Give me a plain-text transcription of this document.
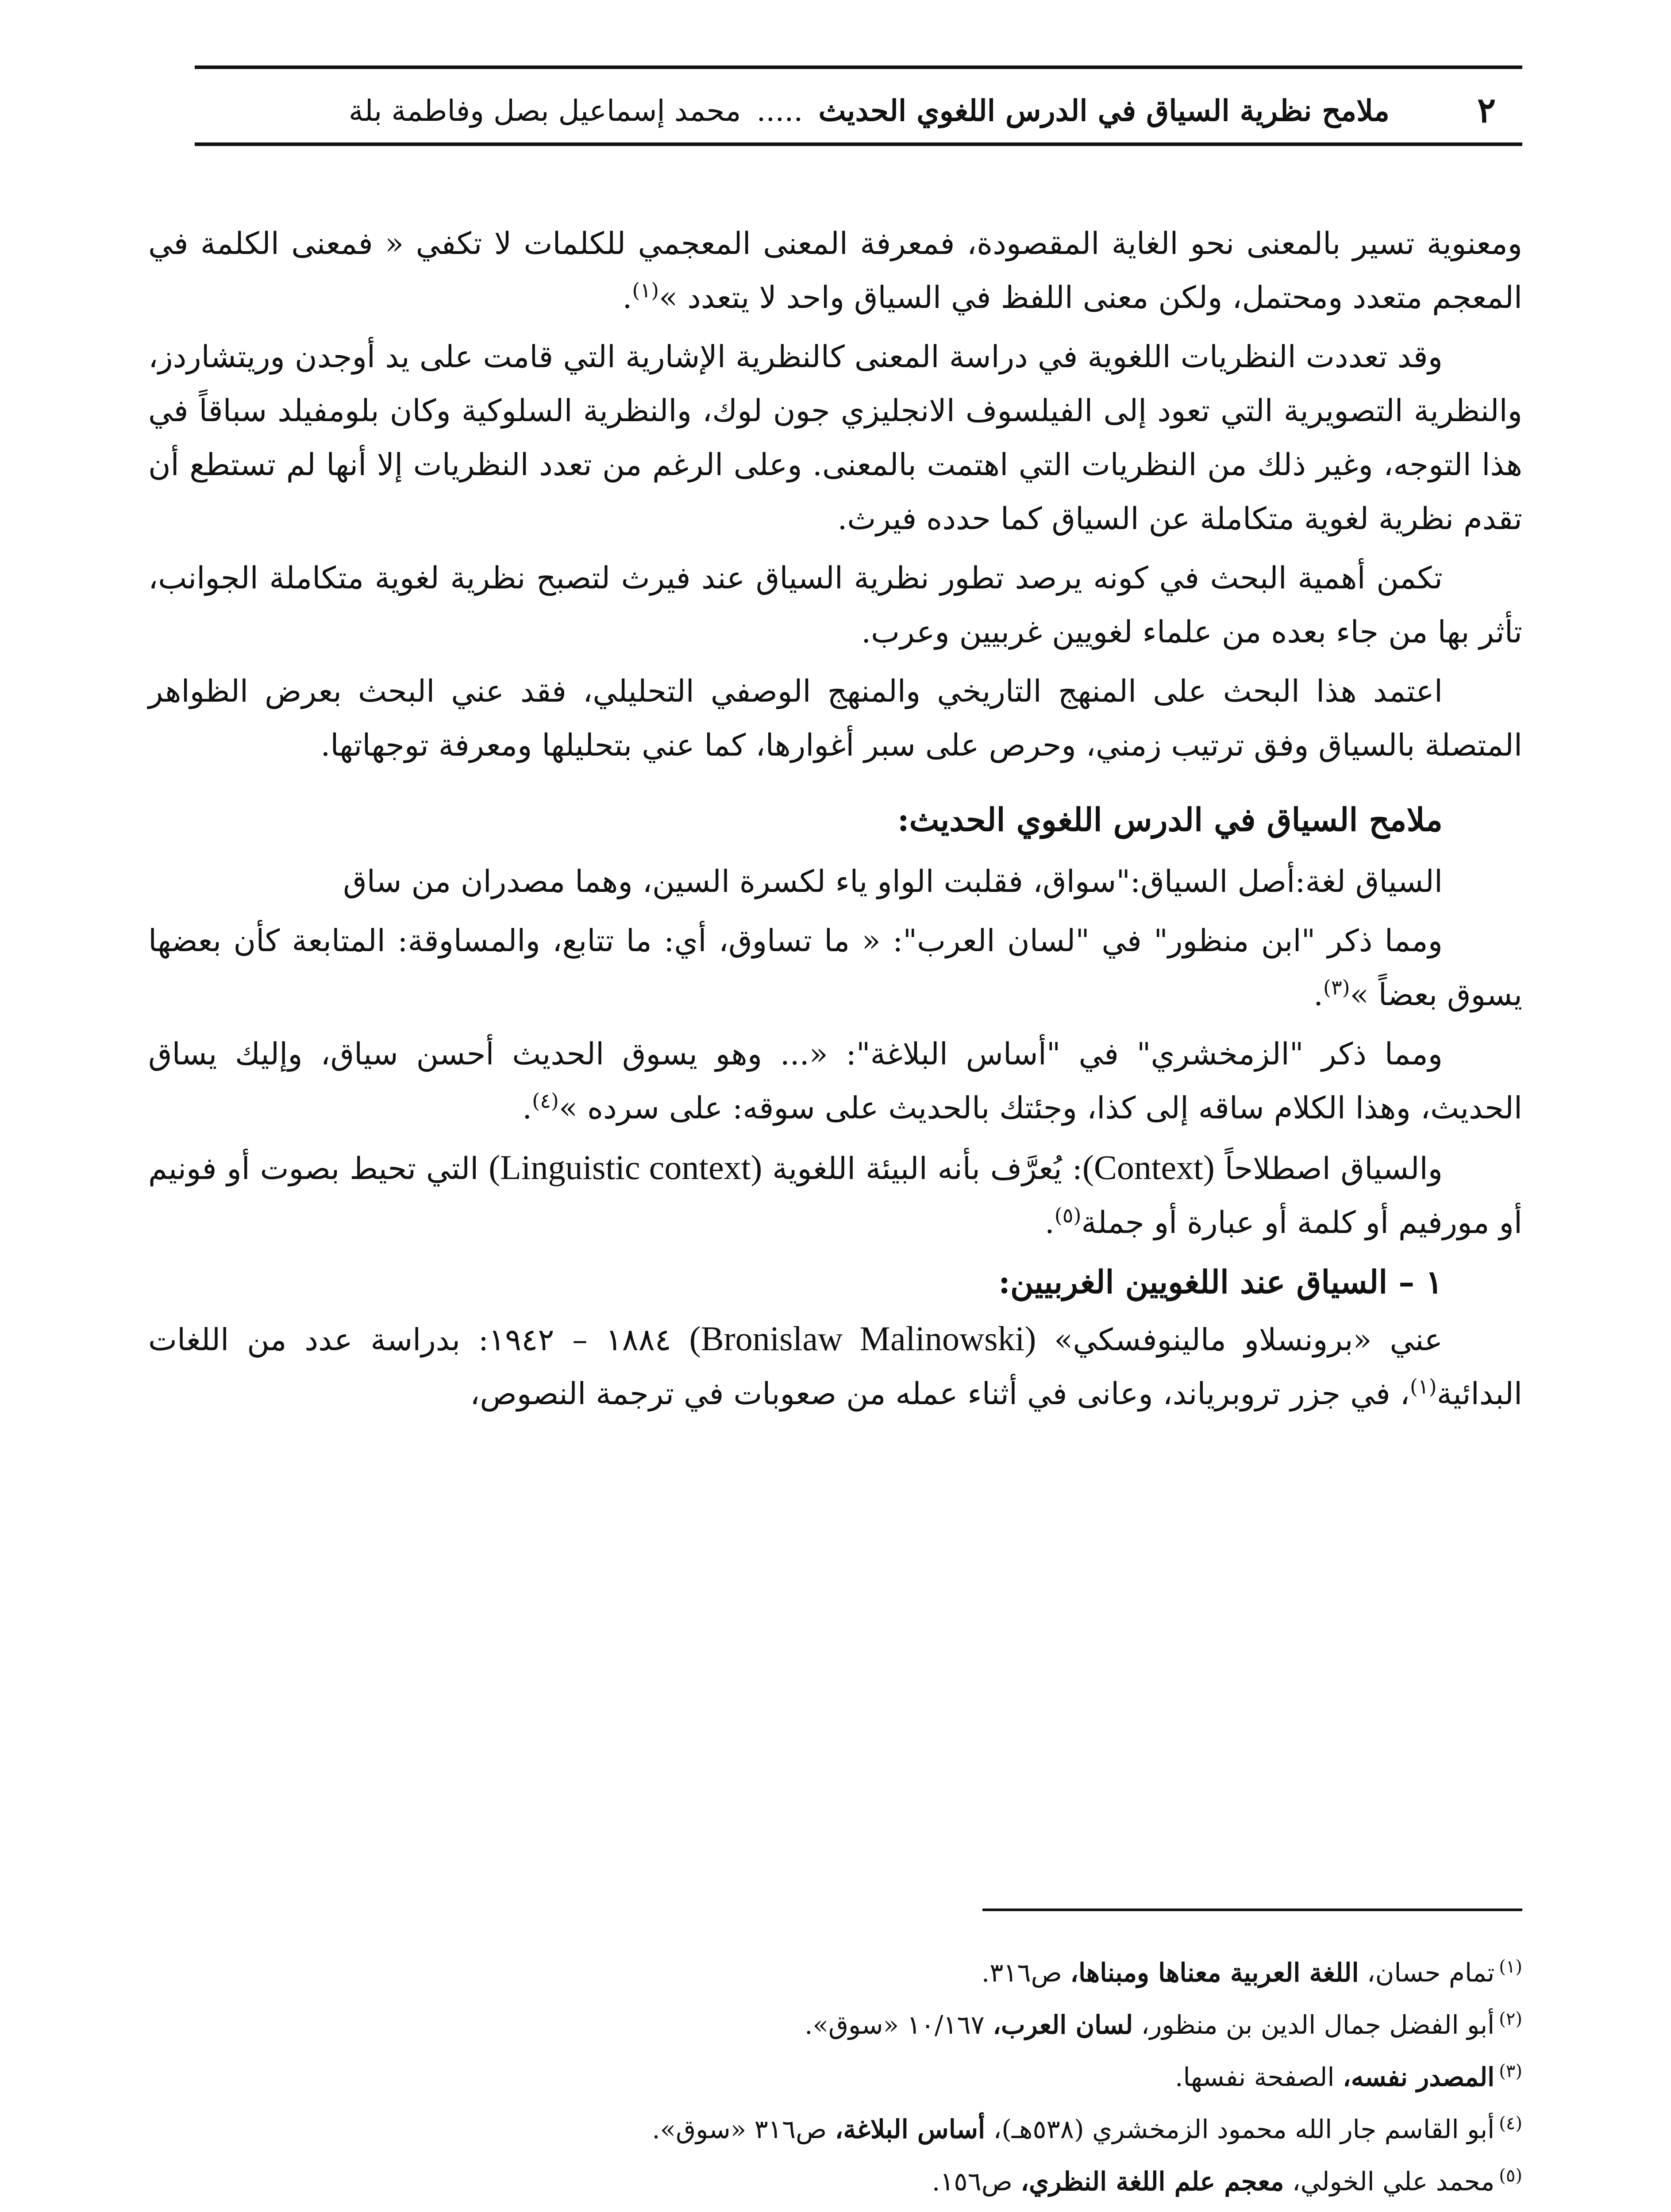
٢
ملامح نظرية السياق في الدرس اللغوي الحديث ..... محمد إسماعيل بصل وفاطمة بلة

ومعنوية تسير بالمعنى نحو الغاية المقصودة، فمعرفة المعنى المعجمي للكلمات لا تكفي « فمعنى الكلمة في المعجم متعدد ومحتمل، ولكن معنى اللفظ في السياق واحد لا يتعدد »$^{(١)}$.

وقد تعددت النظريات اللغوية في دراسة المعنى كالنظرية الإشارية التي قامت على يد أوجدن وريتشاردز، والنظرية التصويرية التي تعود إلى الفيلسوف الانجليزي جون لوك، والنظرية السلوكية وكان بلومفيلد سباقاً في هذا التوجه، وغير ذلك من النظريات التي اهتمت بالمعنى. وعلى الرغم من تعدد النظريات إلا أنها لم تستطع أن تقدم نظرية لغوية متكاملة عن السياق كما حدده فيرث.

تكمن أهمية البحث في كونه يرصد تطور نظرية السياق عند فيرث لتصبح نظرية لغوية متكاملة الجوانب، تأثر بها من جاء بعده من علماء لغويين غربيين وعرب.

اعتمد هذا البحث على المنهج التاريخي والمنهج الوصفي التحليلي، فقد عني البحث بعرض الظواهر المتصلة بالسياق وفق ترتيب زمني، وحرص على سبر أغوارها، كما عني بتحليلها ومعرفة توجهاتها.

ملامح السياق في الدرس اللغوي الحديث:

السياق لغة:أصل السياق:"سواق، فقلبت الواو ياء لكسرة السين، وهما مصدران من ساق

ومما ذكر "ابن منظور" في "لسان العرب": « ما تساوق، أي: ما تتابع، والمساوقة: المتابعة كأن بعضها يسوق بعضاً »$^{(٣)}$.

ومما ذكر "الزمخشري" في "أساس البلاغة": «... وهو يسوق الحديث أحسن سياق، وإليك يساق الحديث، وهذا الكلام ساقه إلى كذا، وجئتك بالحديث على سوقه: على سرده »$^{(٤)}$.

والسياق اصطلاحاً (Context): يُعرَّف بأنه البيئة اللغوية (Linguistic context) التي تحيط بصوت أو فونيم أو مورفيم أو كلمة أو عبارة أو جملة$^{(٥)}$.

١ – السياق عند اللغويين الغربيين:

عني «برونسلاو مالينوفسكي» (Bronislaw Malinowski) ١٨٨٤ – ١٩٤٢: بدراسة عدد من اللغات البدائية$^{(١)}$، في جزر تروبرياند، وعانى في أثناء عمله من صعوبات في ترجمة النصوص،

$^{(١)}$تمام حسان، اللغة العربية معناها ومبناها، ص٣١٦.

$^{(٢)}$أبو الفضل جمال الدين بن منظور، لسان العرب، ١٠/١٦٧ «سوق».

$^{(٣)}$المصدر نفسه، الصفحة نفسها.

$^{(٤)}$أبو القاسم جار الله محمود الزمخشري (٥٣٨هـ)، أساس البلاغة، ص٣١٦ «سوق».

$^{(٥)}$محمد علي الخولي، معجم علم اللغة النظري، ص١٥٦.
